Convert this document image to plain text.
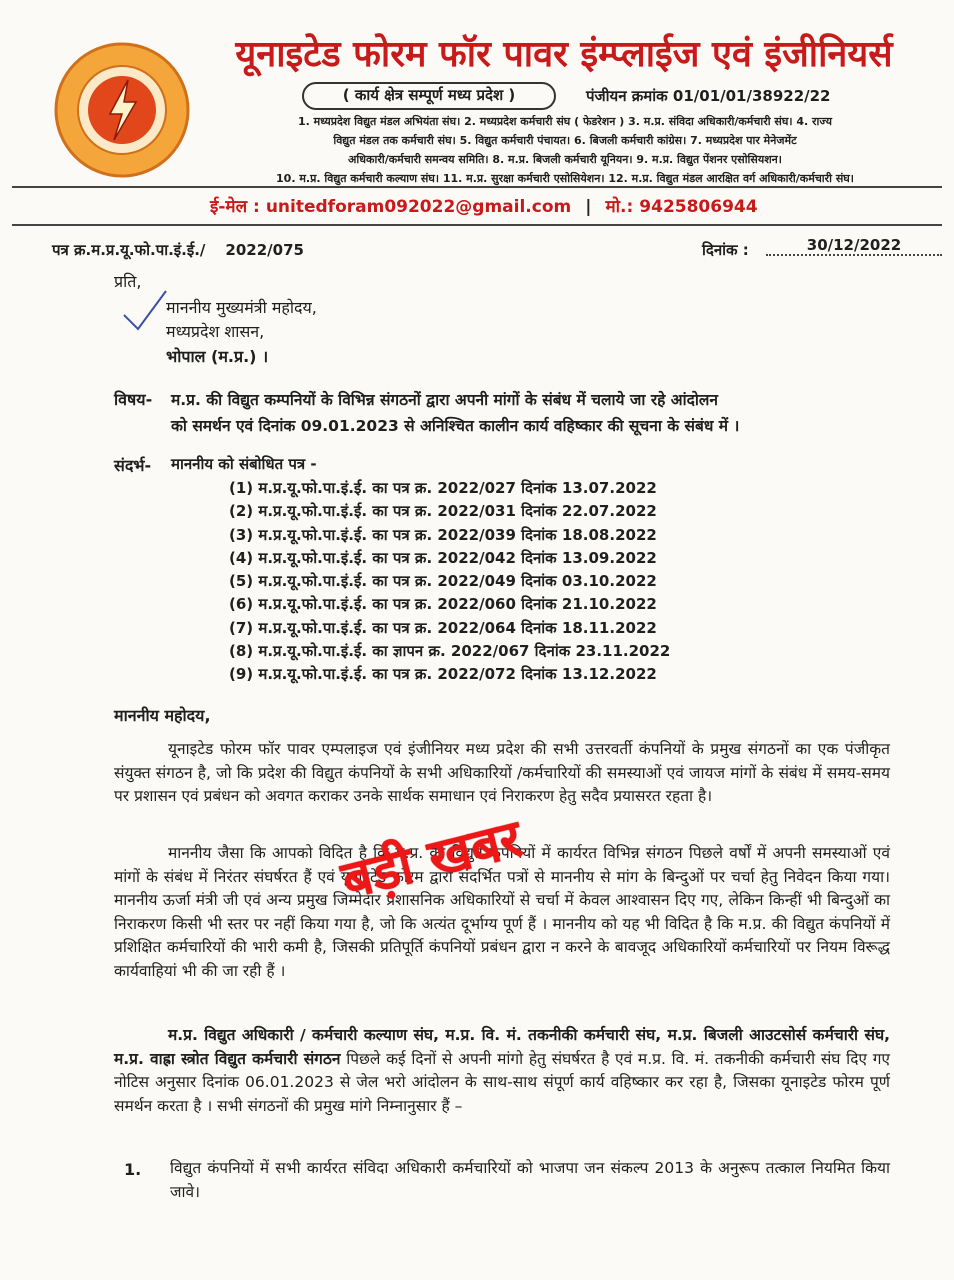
यूनाइटेड फोरम फॉर पावर इंम्प्लाईज एवं इंजीनियर्स
( कार्य क्षेत्र सम्पूर्ण मध्य प्रदेश )	पंजीयन क्रमांक 01/01/01/38922/22
1. मध्यप्रदेश विद्युत मंडल अभियंता संघ। 2. मध्यप्रदेश कर्मचारी संघ ( फेडरेशन ) 3. म.प्र. संविदा अधिकारी/कर्मचारी संघ। 4. राज्य
विद्युत मंडल तक कर्मचारी संघ। 5. विद्युत कर्मचारी पंचायत। 6. बिजली कर्मचारी कांग्रेस। 7. मध्यप्रदेश पार मेनेजमेंट
अधिकारी/कर्मचारी समन्वय समिति। 8. म.प्र. बिजली कर्मचारी यूनियन। 9. म.प्र. विद्युत पेंशनर एसोसियशन।
10. म.प्र. विद्युत कर्मचारी कल्याण संघ। 11. म.प्र. सुरक्षा कर्मचारी एसोसियेशन। 12. म.प्र. विद्युत मंडल आरक्षित वर्ग अधिकारी/कर्मचारी संघ।
ई-मेल : unitedforam092022@gmail.com | मो.: 9425806944
पत्र क्र.म.प्र.यू.फो.पा.इं.ई./ 2022/075	दिनांक :	30/12/2022
प्रति,
माननीय मुख्यमंत्री महोदय,
मध्यप्रदेश शासन,
भोपाल (म.प्र.) ।
विषय- म.प्र. की विद्युत कम्पनियों के विभिन्न संगठनों द्वारा अपनी मांगों के संबंध में चलाये जा रहे आंदोलन
को समर्थन एवं दिनांक 09.01.2023 से अनिश्चित कालीन कार्य वहिष्कार की सूचना के संबंध में ।
संदर्भ- माननीय को संबोधित पत्र -
(1) म.प्र.यू.फो.पा.इं.ई. का पत्र क्र. 2022/027 दिनांक 13.07.2022
(2) म.प्र.यू.फो.पा.इं.ई. का पत्र क्र. 2022/031 दिनांक 22.07.2022
(3) म.प्र.यू.फो.पा.इं.ई. का पत्र क्र. 2022/039 दिनांक 18.08.2022
(4) म.प्र.यू.फो.पा.इं.ई. का पत्र क्र. 2022/042 दिनांक 13.09.2022
(5) म.प्र.यू.फो.पा.इं.ई. का पत्र क्र. 2022/049 दिनांक 03.10.2022
(6) म.प्र.यू.फो.पा.इं.ई. का पत्र क्र. 2022/060 दिनांक 21.10.2022
(7) म.प्र.यू.फो.पा.इं.ई. का पत्र क्र. 2022/064 दिनांक 18.11.2022
(8) म.प्र.यू.फो.पा.इं.ई. का ज्ञापन क्र. 2022/067 दिनांक 23.11.2022
(9) म.प्र.यू.फो.पा.इं.ई. का पत्र क्र. 2022/072 दिनांक 13.12.2022
माननीय महोदय,
यूनाइटेड फोरम फॉर पावर एम्पलाइज एवं इंजीनियर मध्य प्रदेश की सभी उत्तरवर्ती कंपनियों के प्रमुख संगठनों का एक पंजीकृत संयुक्त संगठन है, जो कि प्रदेश की विद्युत कंपनियों के सभी अधिकारियों /कर्मचारियों की समस्याओं एवं जायज मांगों के संबंध में समय-समय पर प्रशासन एवं प्रबंधन को अवगत कराकर उनके सार्थक समाधान एवं निराकरण हेतु सदैव प्रयासरत रहता है।
माननीय जैसा कि आपको विदित है कि म.प्र. की विद्युत कंपनियों में कार्यरत विभिन्न संगठन पिछले वर्षों में अपनी समस्याओं एवं मांगों के संबंध में निरंतर संघर्षरत हैं एवं यूनाइटेड फोरम द्वारा संदर्भित पत्रों से माननीय से मांग के बिन्दुओं पर चर्चा हेतु निवेदन किया गया। माननीय ऊर्जा मंत्री जी एवं अन्य प्रमुख जिम्मेदार प्रशासनिक अधिकारियों से चर्चा में केवल आश्वासन दिए गए, लेकिन किन्हीं भी बिन्दुओं का निराकरण किसी भी स्तर पर नहीं किया गया है, जो कि अत्यंत दूर्भाग्य पूर्ण हैं । माननीय को यह भी विदित है कि म.प्र. की विद्युत कंपनियों में प्रशिक्षित कर्मचारियों की भारी कमी है, जिसकी प्रतिपूर्ति कंपनियों प्रबंधन द्वारा न करने के बावजूद अधिकारियों कर्मचारियों पर नियम विरूद्ध कार्यवाहियां भी की जा रही हैं ।
म.प्र. विद्युत अधिकारी / कर्मचारी कल्याण संघ, म.प्र. वि. मं. तकनीकी कर्मचारी संघ, म.प्र. बिजली आउटसोर्स कर्मचारी संघ, म.प्र. वाह्रा स्त्रोत विद्युत कर्मचारी संगठन पिछले कई दिनों से अपनी मांगो हेतु संघर्षरत है एवं म.प्र. वि. मं. तकनीकी कर्मचारी संघ दिए गए नोटिस अनुसार दिनांक 06.01.2023 से जेल भरो आंदोलन के साथ-साथ संपूर्ण कार्य वहिष्कार कर रहा है, जिसका यूनाइटेड फोरम पूर्ण समर्थन करता है । सभी संगठनों की प्रमुख मांगे निम्नानुसार हैं –
1. विद्युत कंपनियों में सभी कार्यरत संविदा अधिकारी कर्मचारियों को भाजपा जन संकल्प 2013 के अनुरूप तत्काल नियमित किया जावे।
बड़ी खबर
